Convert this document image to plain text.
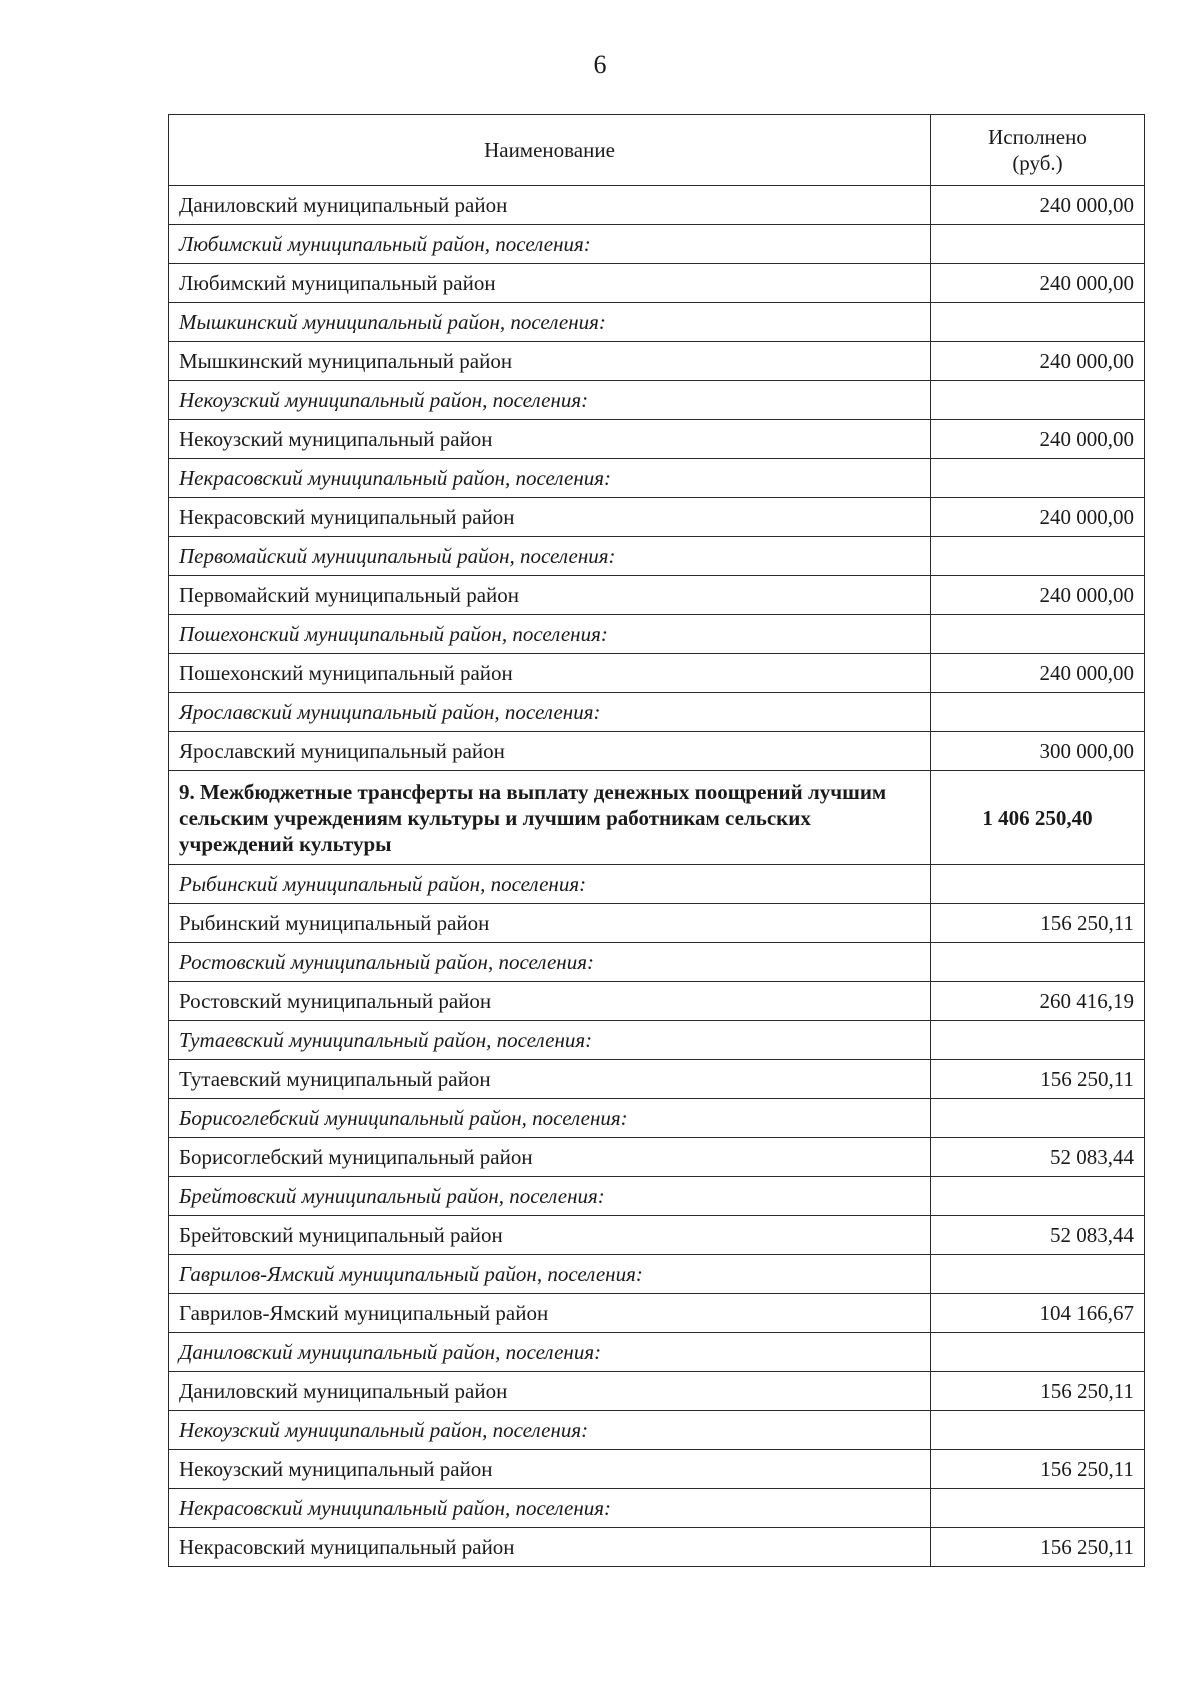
6
Наименование	Исполнено
(руб.)
Даниловский муниципальный район	240 000,00
Любимский муниципальный район, поселения:	
Любимский муниципальный район	240 000,00
Мышкинский муниципальный район, поселения:	
Мышкинский муниципальный район	240 000,00
Некоузский муниципальный район, поселения:	
Некоузский муниципальный район	240 000,00
Некрасовский муниципальный район, поселения:	
Некрасовский муниципальный район	240 000,00
Первомайский муниципальный район, поселения:	
Первомайский муниципальный район	240 000,00
Пошехонский муниципальный район, поселения:	
Пошехонский муниципальный район	240 000,00
Ярославский муниципальный район, поселения:	
Ярославский муниципальный район	300 000,00
9. Межбюджетные трансферты на выплату денежных поощрений лучшим сельским учреждениям культуры и лучшим работникам сельских учреждений культуры	1 406 250,40
Рыбинский муниципальный район, поселения:	
Рыбинский муниципальный район	156 250,11
Ростовский муниципальный район, поселения:	
Ростовский муниципальный район	260 416,19
Тутаевский муниципальный район, поселения:	
Тутаевский муниципальный район	156 250,11
Борисоглебский муниципальный район, поселения:	
Борисоглебский муниципальный район	52 083,44
Брейтовский муниципальный район, поселения:	
Брейтовский муниципальный район	52 083,44
Гаврилов-Ямский муниципальный район, поселения:	
Гаврилов-Ямский муниципальный район	104 166,67
Даниловский муниципальный район, поселения:	
Даниловский муниципальный район	156 250,11
Некоузский муниципальный район, поселения:	
Некоузский муниципальный район	156 250,11
Некрасовский муниципальный район, поселения:	
Некрасовский муниципальный район	156 250,11
